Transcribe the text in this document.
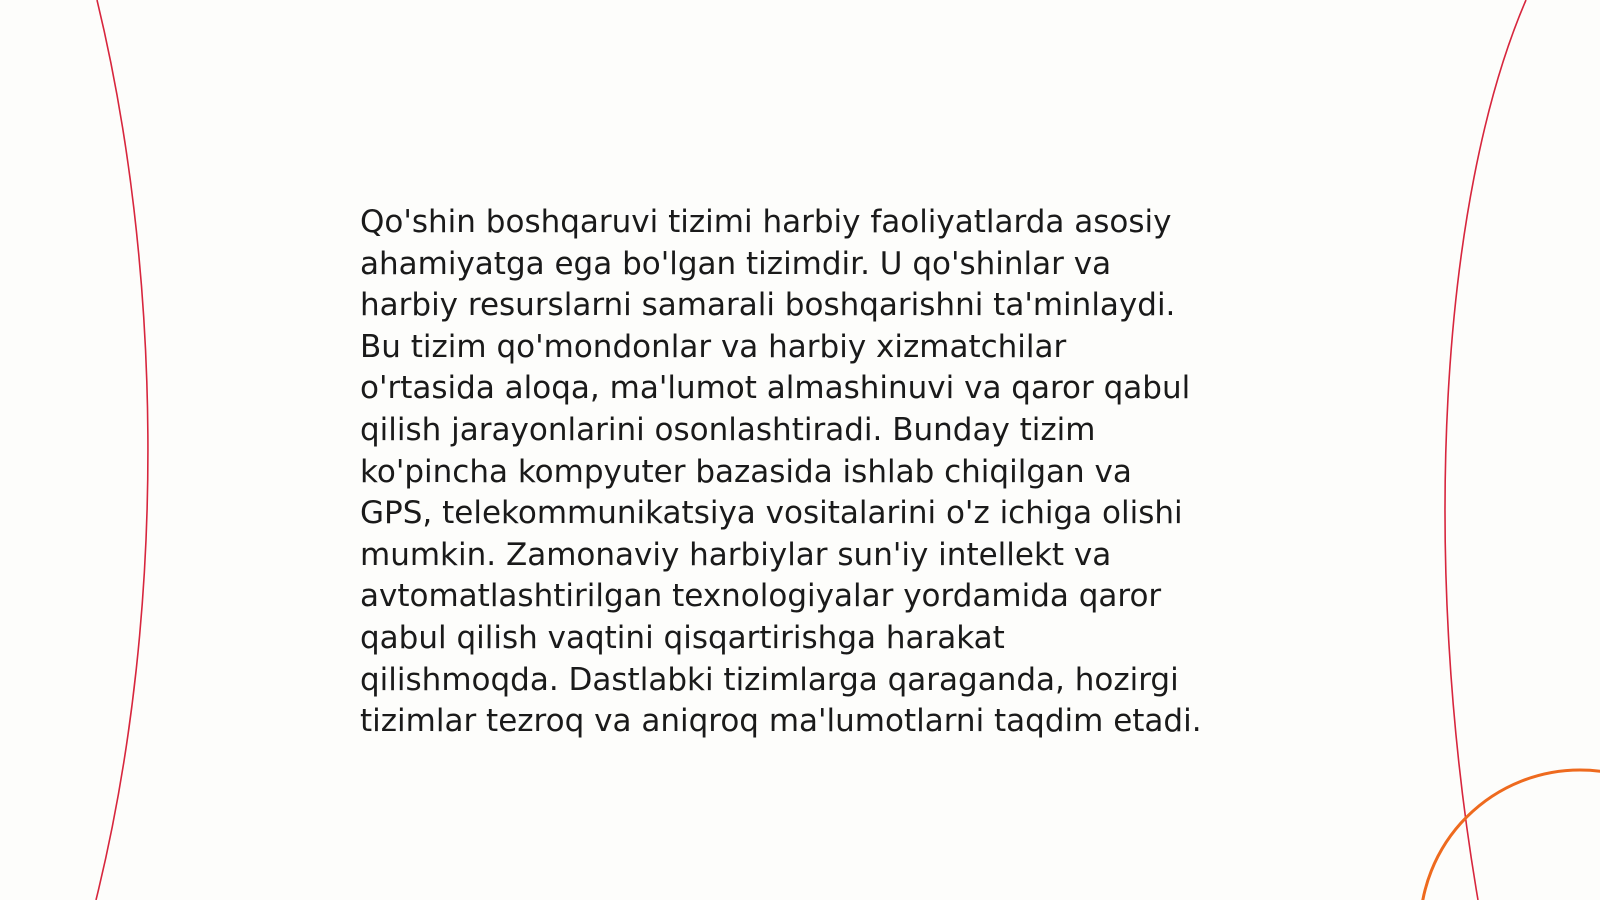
Qo'shin boshqaruvi tizimi harbiy faoliyatlarda asosiy
ahamiyatga ega bo'lgan tizimdir. U qo'shinlar va
harbiy resurslarni samarali boshqarishni ta'minlaydi.
Bu tizim qo'mondonlar va harbiy xizmatchilar
o'rtasida aloqa, ma'lumot almashinuvi va qaror qabul
qilish jarayonlarini osonlashtiradi. Bunday tizim
ko'pincha kompyuter bazasida ishlab chiqilgan va
GPS, telekommunikatsiya vositalarini o'z ichiga olishi
mumkin. Zamonaviy harbiylar sun'iy intellekt va
avtomatlashtirilgan texnologiyalar yordamida qaror
qabul qilish vaqtini qisqartirishga harakat
qilishmoqda. Dastlabki tizimlarga qaraganda, hozirgi
tizimlar tezroq va aniqroq ma'lumotlarni taqdim etadi.
